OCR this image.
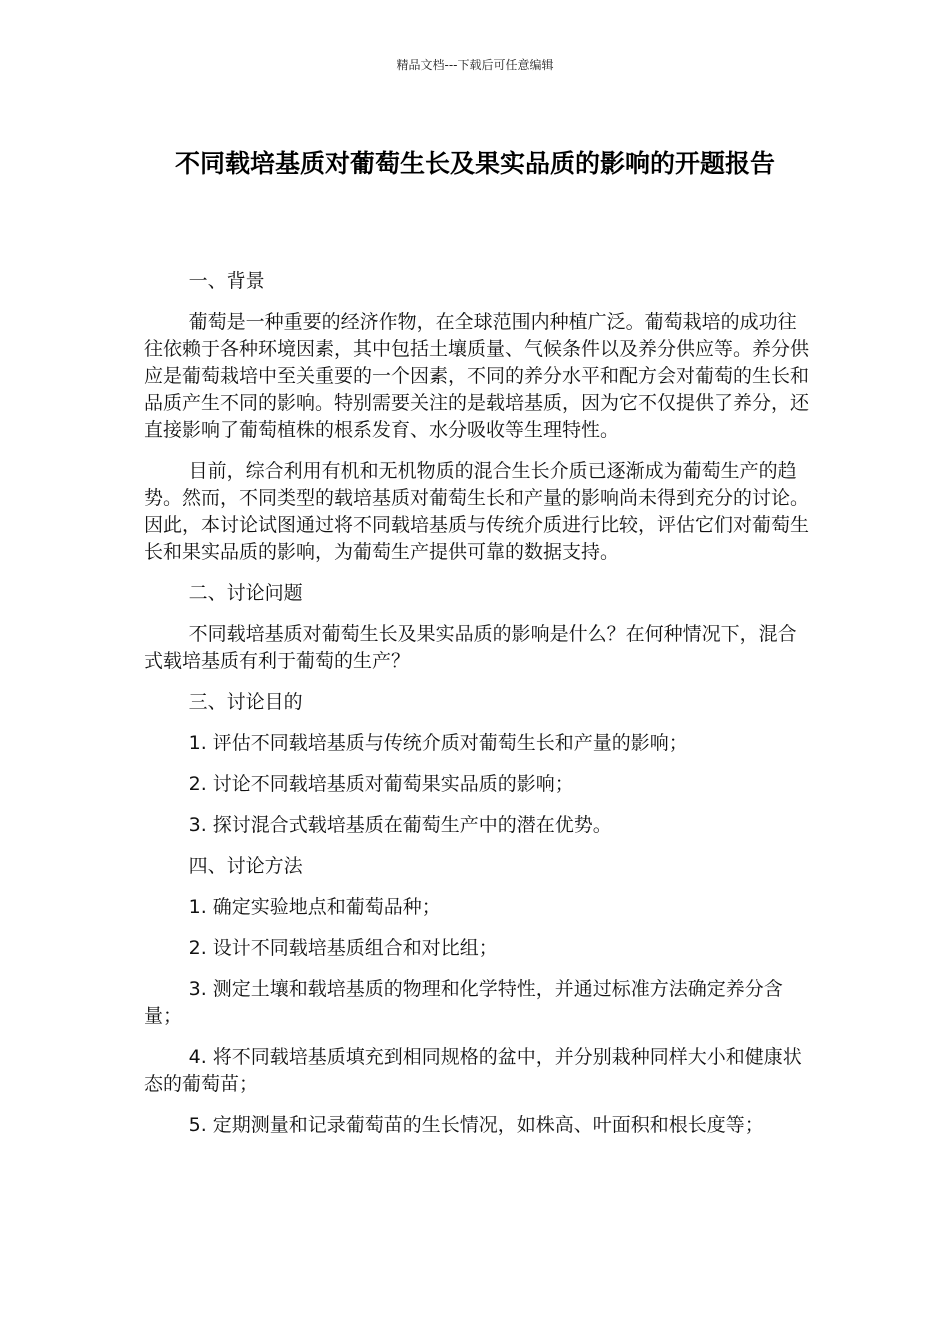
精品文档---下载后可任意编辑
不同载培基质对葡萄生长及果实品质的影响的开题报告

一、背景

葡萄是一种重要的经济作物，在全球范围内种植广泛。葡萄栽培的成功往往依赖于各种环境因素，其中包括土壤质量、气候条件以及养分供应等。养分供应是葡萄栽培中至关重要的一个因素，不同的养分水平和配方会对葡萄的生长和品质产生不同的影响。特别需要关注的是载培基质，因为它不仅提供了养分，还直接影响了葡萄植株的根系发育、水分吸收等生理特性。

目前，综合利用有机和无机物质的混合生长介质已逐渐成为葡萄生产的趋势。然而，不同类型的载培基质对葡萄生长和产量的影响尚未得到充分的讨论。因此，本讨论试图通过将不同载培基质与传统介质进行比较，评估它们对葡萄生长和果实品质的影响，为葡萄生产提供可靠的数据支持。

二、讨论问题

不同载培基质对葡萄生长及果实品质的影响是什么？在何种情况下，混合式载培基质有利于葡萄的生产？

三、讨论目的

1. 评估不同载培基质与传统介质对葡萄生长和产量的影响；

2. 讨论不同载培基质对葡萄果实品质的影响；

3. 探讨混合式载培基质在葡萄生产中的潜在优势。

四、讨论方法

1. 确定实验地点和葡萄品种；

2. 设计不同载培基质组合和对比组；

3. 测定土壤和载培基质的物理和化学特性，并通过标准方法确定养分含量；

4. 将不同载培基质填充到相同规格的盆中，并分别栽种同样大小和健康状态的葡萄苗；

5. 定期测量和记录葡萄苗的生长情况，如株高、叶面积和根长度等；
